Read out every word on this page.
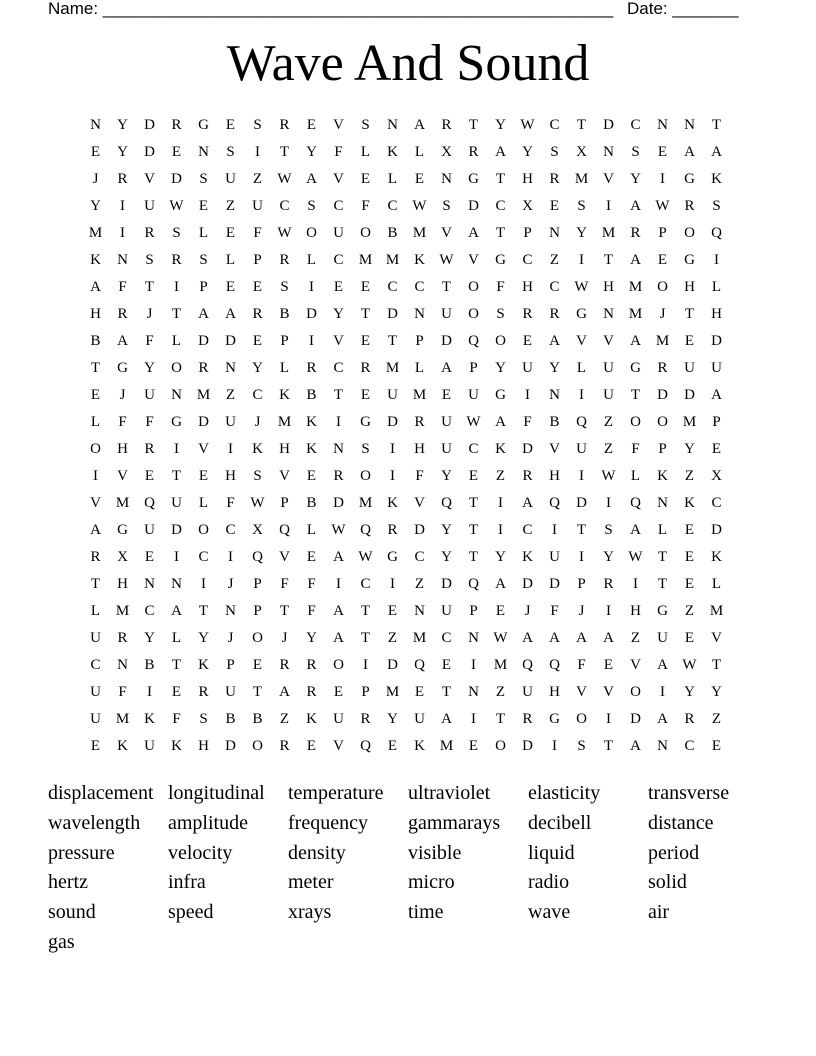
Name: ______________________________________________________ Date: _______
Wave And Sound
N	Y	D	R	G	E	S	R	E	V	S	N	A	R	T	Y W C	T	D	C	N	N	T
E	Y	D	E	N	S	I	T	Y	F	L	K	L	X	R	A	Y	S	X	N	S	E	A	A
J	R	V	D	S	U	Z	W A	V	E	L	E	N	G	T	H	R	M V	Y	I	G	K
Y	I	U W	E	Z	U	C	S	C	F	C W	S	D	C	X	E	S	I	A W R	S
M	I	R	S	L	E	F	W O	U	O	B	M V	A	T	P	N	Y M	R	P	O	Q
K	N	S	R	S	L	P	R	L	C	M M K W V	G	C	Z	I	T	A	E	G	I
A	F	T	I	P	E	E	S	I	E	E	C	C	T	O	F	H	C W H M O	H	L
H	R	J	T	A	A	R	B	D	Y	T	D	N	U	O	S	R	R	G	N M	J	T	H
B	A	F	L	D	D	E	P	I	V	E	T	P	D	Q	O	E	A	V	V	A M	E	D
T	G	Y	O	R	N	Y	L	R	C	R	M	L	A	P	Y	U	Y	L	U	G	R	U	U
E	J	U	N M	Z	C	K	B	T	E	U M	E	U	G	I	N	I	U	T	D	D	A
L	F	F	G	D	U	J	M K	I	G	D	R	U W A	F	B	Q	Z	O	O M	P
O	H	R	I	V	I	K	H	K	N	S	I	H	U	C	K	D	V	U	Z	F	P	Y	E
I	V	E	T	E	H	S	V	E	R	O	I	F	Y	E	Z	R	H	I	W	L	K	Z	X
V M Q	U	L	F	W	P	B	D M K	V	Q	T	I	A	Q	D	I	Q	N	K	C
A	G	U	D	O	C	X	Q	L	W Q	R	D	Y	T	I	C	I	T	S	A	L	E	D
R	X	E	I	C	I	Q	V	E	A W G	C	Y	T	Y	K	U	I	Y W	T	E	K
T	H	N	N	I	J	P	F	F	I	C	I	Z	D	Q	A	D	D	P	R	I	T	E	L
L	M	C	A	T	N	P	T	F	A	T	E	N	U	P	E	J	F	J	I	H	G	Z	M
U	R	Y	L	Y	J	O	J	Y	A	T	Z	M	C	N W A	A	A	A	Z	U	E	V
C	N	B	T	K	P	E	R	R	O	I	D	Q	E	I	M Q	Q	F	E	V	A W	T
U	F	I	E	R	U	T	A	R	E	P	M	E	T	N	Z	U	H	V	V	O	I	Y	Y
U M K	F	S	B	B	Z	K	U	R	Y	U	A	I	T	R	G	O	I	D	A	R	Z
E	K	U	K	H	D	O	R	E	V	Q	E	K M	E	O	D	I	S	T	A	N	C	E
displacement longitudinal	temperature	ultraviolet	elasticity	transverse
wavelength	amplitude	frequency	gammarays	decibell	distance
pressure	velocity	density	visible	liquid	period
hertz	infra	meter	micro	radio	solid
sound	speed	xrays	time	wave	air
gas
